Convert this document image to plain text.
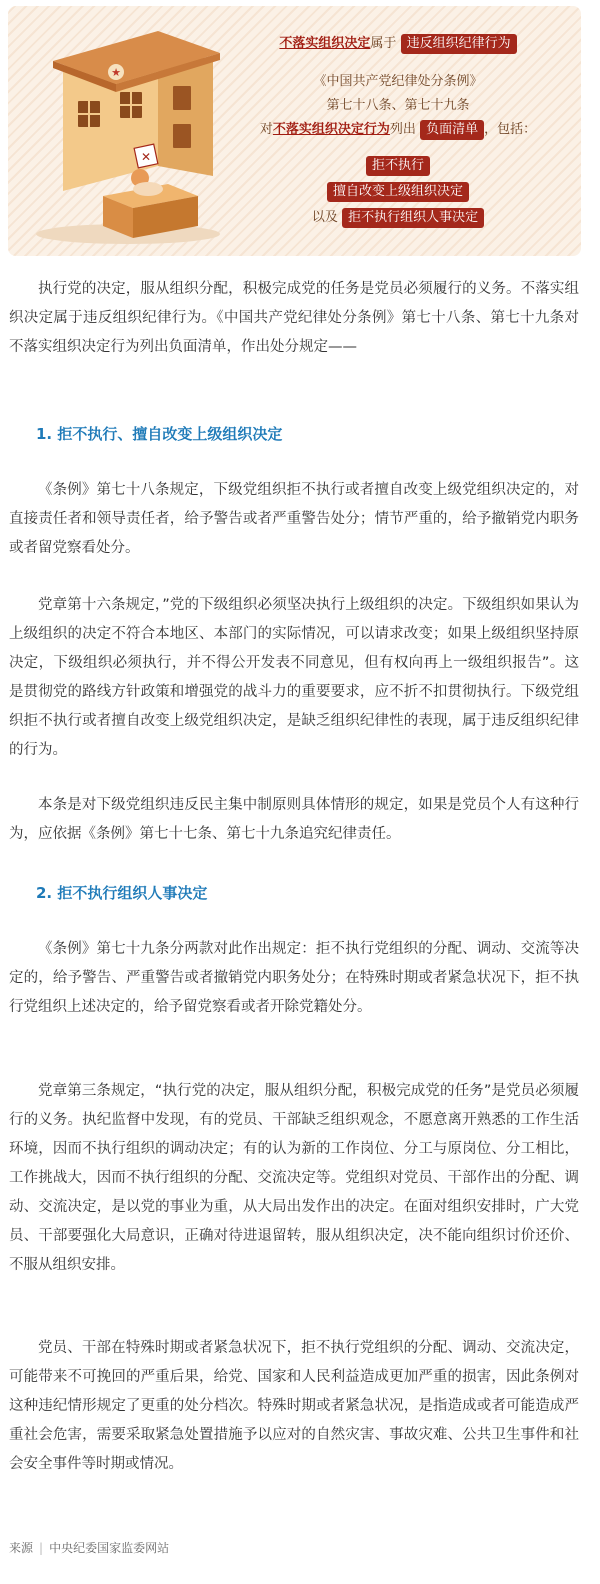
★
✕
不落实组织决定属于 违反组织纪律行为
《中国共产党纪律处分条例》
第七十八条、第七十九条
对不落实组织决定行为列出 负面清单 ，包括：
拒不执行
擅自改变上级组织决定
以及 拒不执行组织人事决定

执行党的决定，服从组织分配，积极完成党的任务是党员必须履行的义务。不落实组织决定属于违反组织纪律行为。《中国共产党纪律处分条例》第七十八条、第七十九条对不落实组织决定行为列出负面清单，作出处分规定——

1. 拒不执行、擅自改变上级组织决定

《条例》第七十八条规定，下级党组织拒不执行或者擅自改变上级党组织决定的，对直接责任者和领导责任者，给予警告或者严重警告处分；情节严重的，给予撤销党内职务或者留党察看处分。

党章第十六条规定，”党的下级组织必须坚决执行上级组织的决定。下级组织如果认为上级组织的决定不符合本地区、本部门的实际情况，可以请求改变；如果上级组织坚持原决定，下级组织必须执行，并不得公开发表不同意见，但有权向再上一级组织报告”。这是贯彻党的路线方针政策和增强党的战斗力的重要要求，应不折不扣贯彻执行。下级党组织拒不执行或者擅自改变上级党组织决定，是缺乏组织纪律性的表现，属于违反组织纪律的行为。

本条是对下级党组织违反民主集中制原则具体情形的规定，如果是党员个人有这种行为，应依据《条例》第七十七条、第七十九条追究纪律责任。

2. 拒不执行组织人事决定

《条例》第七十九条分两款对此作出规定：拒不执行党组织的分配、调动、交流等决定的，给予警告、严重警告或者撤销党内职务处分；在特殊时期或者紧急状况下，拒不执行党组织上述决定的，给予留党察看或者开除党籍处分。

党章第三条规定，“执行党的决定，服从组织分配，积极完成党的任务”是党员必须履行的义务。执纪监督中发现，有的党员、干部缺乏组织观念，不愿意离开熟悉的工作生活环境，因而不执行组织的调动决定；有的认为新的工作岗位、分工与原岗位、分工相比，工作挑战大，因而不执行组织的分配、交流决定等。党组织对党员、干部作出的分配、调动、交流决定，是以党的事业为重，从大局出发作出的决定。在面对组织安排时，广大党员、干部要强化大局意识，正确对待进退留转，服从组织决定，决不能向组织讨价还价、不服从组织安排。

党员、干部在特殊时期或者紧急状况下，拒不执行党组织的分配、调动、交流决定，可能带来不可挽回的严重后果，给党、国家和人民利益造成更加严重的损害，因此条例对这种违纪情形规定了更重的处分档次。特殊时期或者紧急状况，是指造成或者可能造成严重社会危害，需要采取紧急处置措施予以应对的自然灾害、事故灾难、公共卫生事件和社会安全事件等时期或情况。

来源 | 中央纪委国家监委网站
